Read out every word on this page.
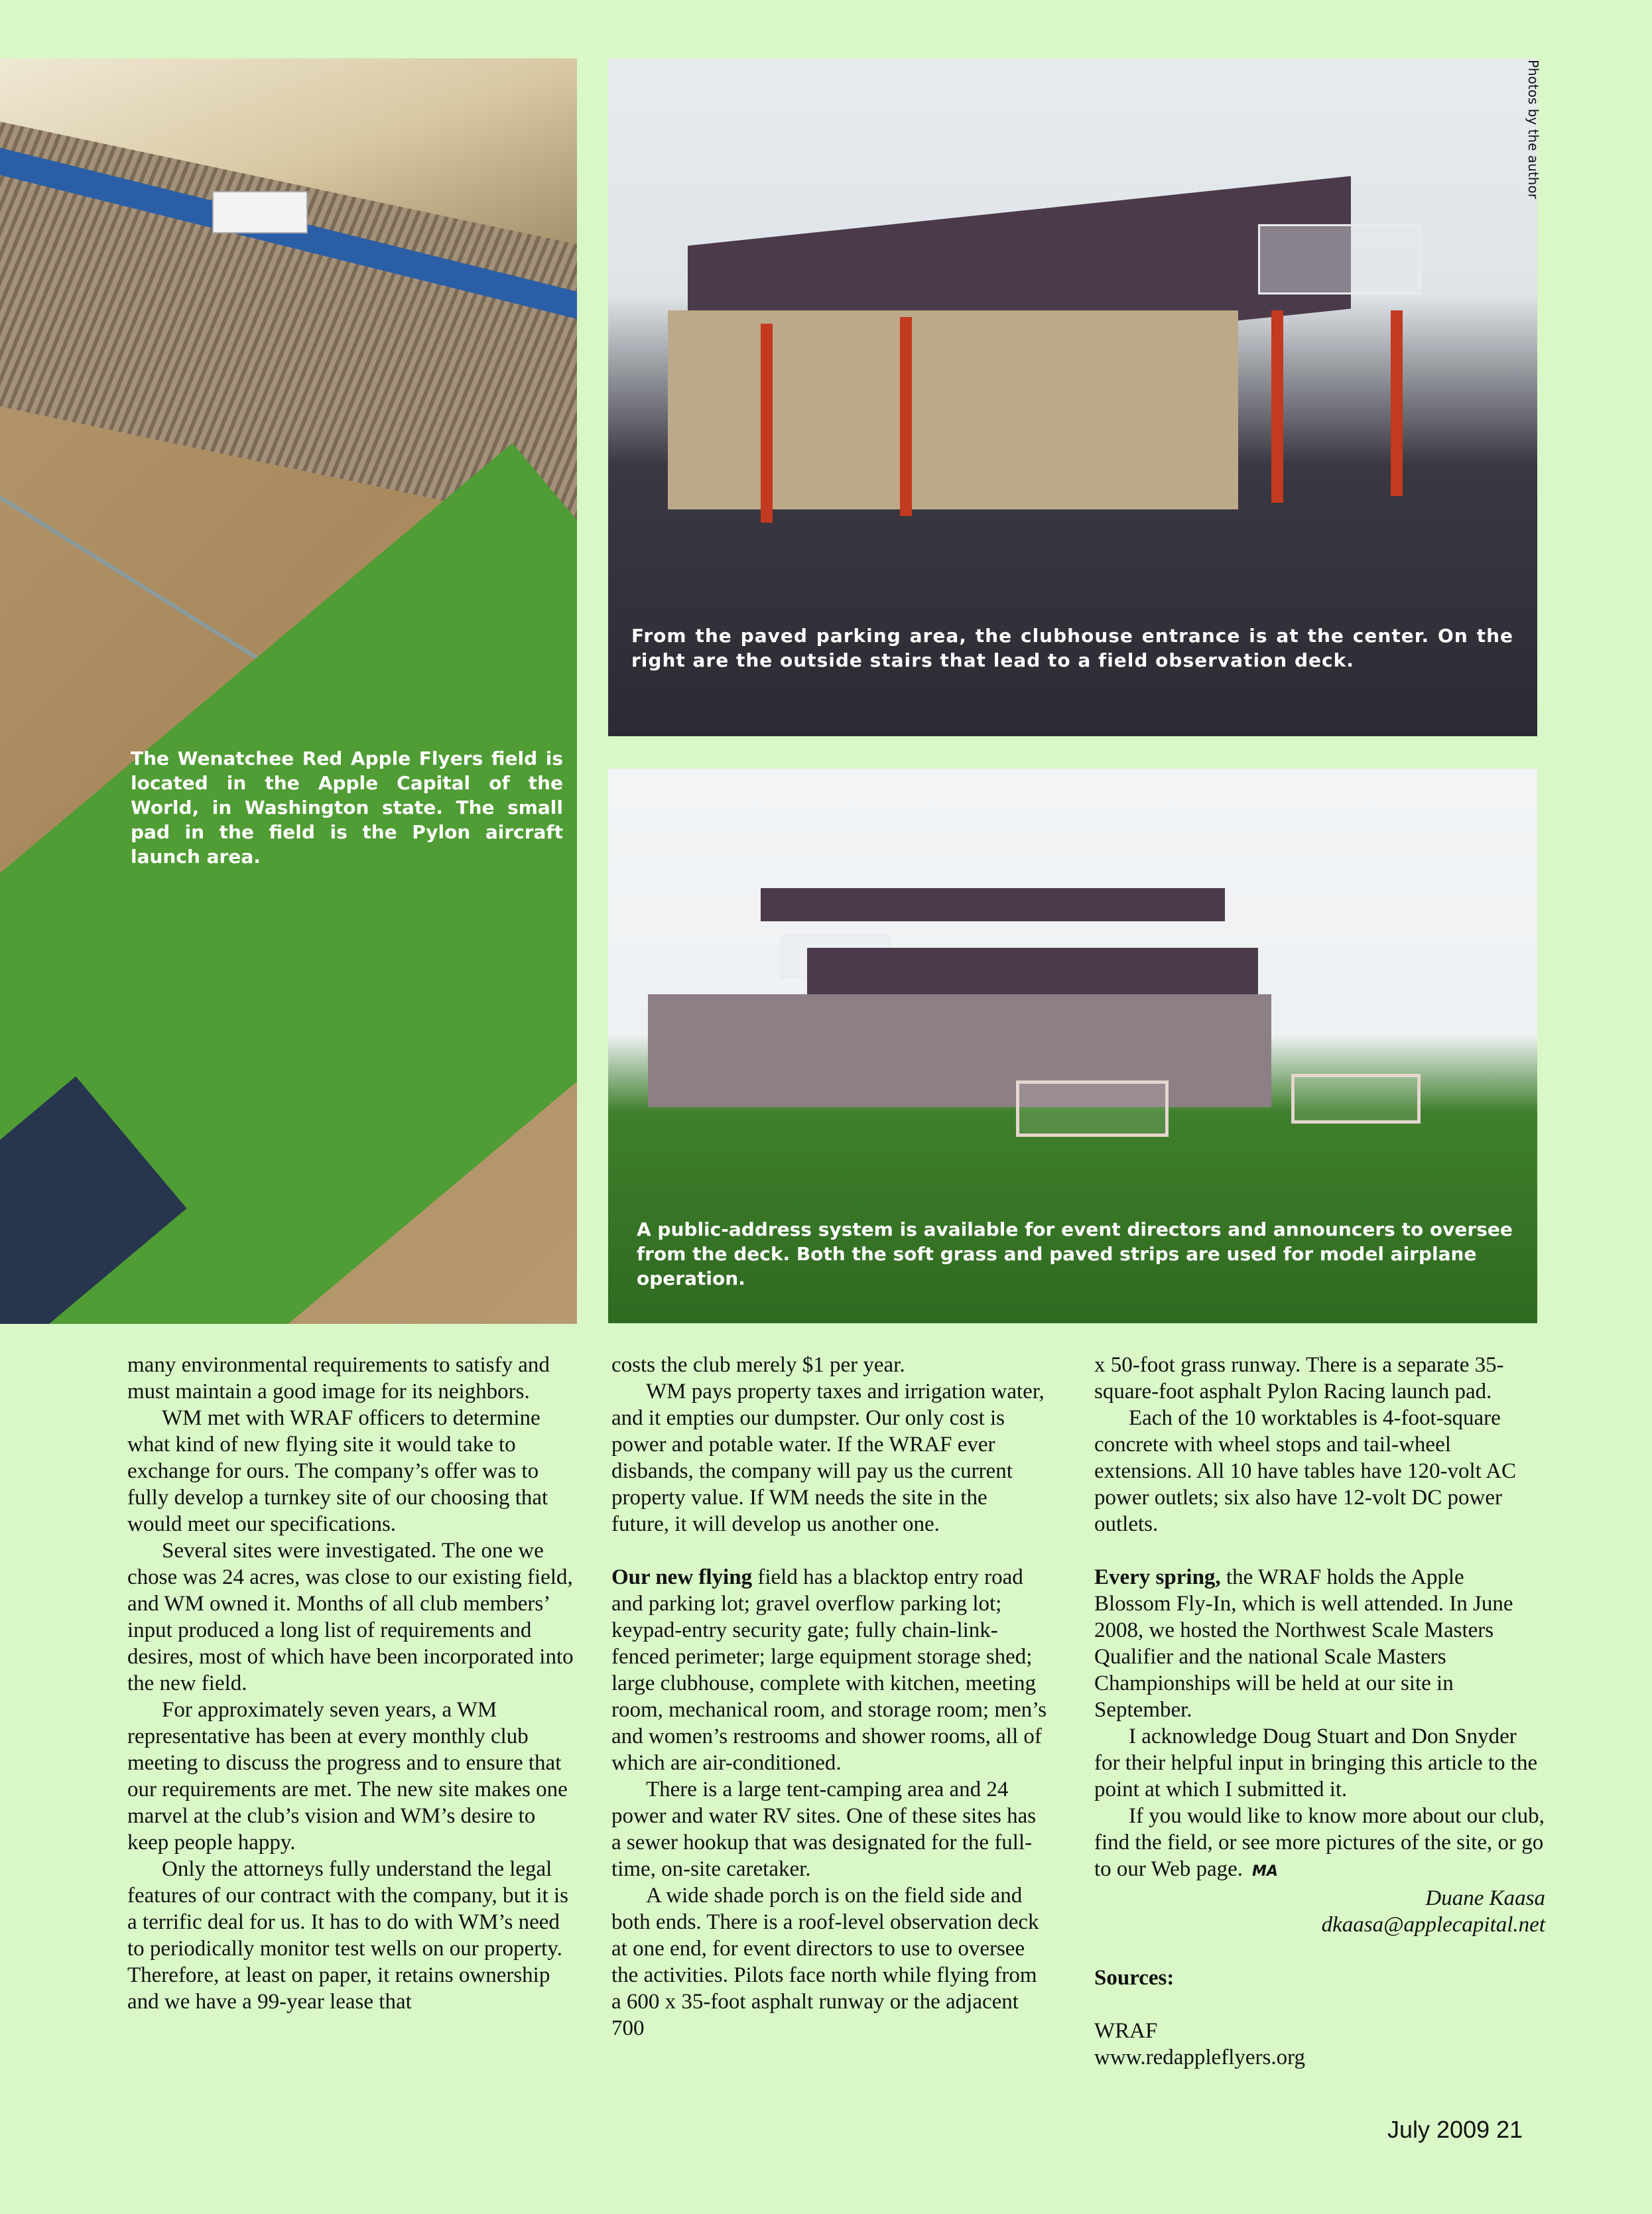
From the paved parking area, the clubhouse entrance is at the center. On the right are the outside stairs that lead to a field observation deck.

A public-address system is available for event directors and announcers to oversee from the deck. Both the soft grass and paved strips are used for model airplane operation.

The Wenatchee Red Apple Flyers field is located in the Apple Capital of the World, in Washington state. The small pad in the field is the Pylon aircraft launch area.

Photos by the author

many environmental requirements to satisfy and must maintain a good image for its neighbors.

WM met with WRAF officers to determine what kind of new flying site it would take to exchange for ours. The company’s offer was to fully develop a turnkey site of our choosing that would meet our specifications.

Several sites were investigated. The one we chose was 24 acres, was close to our existing field, and WM owned it. Months of all club members’ input produced a long list of requirements and desires, most of which have been incorporated into the new field.

For approximately seven years, a WM representative has been at every monthly club meeting to discuss the progress and to ensure that our requirements are met. The new site makes one marvel at the club’s vision and WM’s desire to keep people happy.

Only the attorneys fully understand the legal features of our contract with the company, but it is a terrific deal for us. It has to do with WM’s need to periodically monitor test wells on our property. Therefore, at least on paper, it retains ownership and we have a 99-year lease that

costs the club merely $1 per year.

WM pays property taxes and irrigation water, and it empties our dumpster. Our only cost is power and potable water. If the WRAF ever disbands, the company will pay us the current property value. If WM needs the site in the future, it will develop us another one.

Our new flying field has a blacktop entry road and parking lot; gravel overflow parking lot; keypad-entry security gate; fully chain-link-fenced perimeter; large equipment storage shed; large clubhouse, complete with kitchen, meeting room, mechanical room, and storage room; men’s and women’s restrooms and shower rooms, all of which are air-conditioned.

There is a large tent-camping area and 24 power and water RV sites. One of these sites has a sewer hookup that was designated for the full-time, on-site caretaker.

A wide shade porch is on the field side and both ends. There is a roof-level observation deck at one end, for event directors to use to oversee the activities. Pilots face north while flying from a 600 x 35-foot asphalt runway or the adjacent 700

x 50-foot grass runway. There is a separate 35-square-foot asphalt Pylon Racing launch pad.

Each of the 10 worktables is 4-foot-square concrete with wheel stops and tail-wheel extensions. All 10 have tables have 120-volt AC power outlets; six also have 12-volt DC power outlets.

Every spring, the WRAF holds the Apple Blossom Fly-In, which is well attended. In June 2008, we hosted the Northwest Scale Masters Qualifier and the national Scale Masters Championships will be held at our site in September.

I acknowledge Doug Stuart and Don Snyder for their helpful input in bringing this article to the point at which I submitted it.

If you would like to know more about our club, find the field, or see more pictures of the site, or go to our Web page. MA

Duane Kaasa

dkaasa@applecapital.net

Sources:

WRAF

www.redappleflyers.org

July 2009 21
